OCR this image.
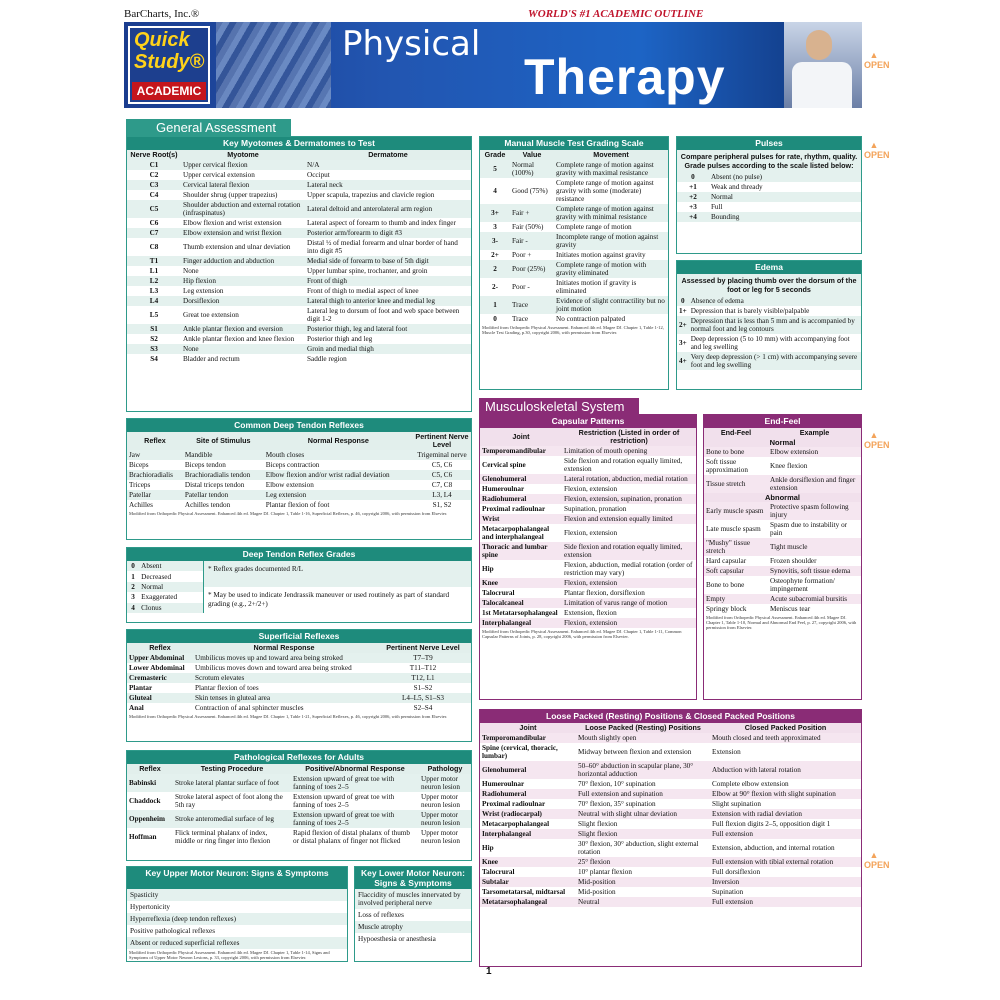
BarCharts, Inc.®	WORLD'S #1 ACADEMIC OUTLINE
Quick
Study®
ACADEMIC
Physical
Therapy	▲
OPEN
▲
OPEN
▲
OPEN
▲
OPEN
General Assessment
Key Myotomes & Dermatomes to Test
Nerve Root(s)	Myotome	Dermatome
C1	Upper cervical flexion	N/A
C2	Upper cervical extension	Occiput
C3	Cervical lateral flexion	Lateral neck
C4	Shoulder shrug (upper trapezius)	Upper scapula, trapezius and clavicle region
C5	Shoulder abduction and external rotation (infraspinatus)	Lateral deltoid and anterolateral arm region
C6	Elbow flexion and wrist extension	Lateral aspect of forearm to thumb and index finger
C7	Elbow extension and wrist flexion	Posterior arm/forearm to digit #3
C8	Thumb extension and ulnar deviation	Distal ½ of medial forearm and ulnar border of hand into digit #5
T1	Finger adduction and abduction	Medial side of forearm to base of 5th digit
L1	None	Upper lumbar spine, trochanter, and groin
L2	Hip flexion	Front of thigh
L3	Leg extension	Front of thigh to medial aspect of knee
L4	Dorsiflexion	Lateral thigh to anterior knee and medial leg
L5	Great toe extension	Lateral leg to dorsum of foot and web space between digit 1-2
S1	Ankle plantar flexion and eversion	Posterior thigh, leg and lateral foot
S2	Ankle plantar flexion and knee flexion	Posterior thigh and leg
S3	None	Groin and medial thigh
S4	Bladder and rectum	Saddle region
Common Deep Tendon Reflexes
Reflex	Site of Stimulus	Normal Response	Pertinent Nerve Level
Jaw	Mandible	Mouth closes	Trigeminal nerve
Biceps	Biceps tendon	Biceps contraction	C5, C6
Brachioradialis	Brachioradialis tendon	Elbow flexion and/or wrist radial deviation	C5, C6
Triceps	Distal triceps tendon	Elbow extension	C7, C8
Patellar	Patellar tendon	Leg extension	L3, L4
Achilles	Achilles tendon	Plantar flexion of foot	S1, S2
Modified from Orthopedic Physical Assessment. Enhanced 4th ed. Magee DJ. Chapter 1, Table 1-16, Superficial Reflexes, p. 46, copyright 2006, with permission from Elsevier.
Deep Tendon Reflex Grades
0	Absent
1	Decreased
2	Normal
3	Exaggerated
4	Clonus
* Reflex grades documented R/L
* May be used to indicate Jendrassik maneuver or used routinely as part of standard grading (e.g., 2+/2+)
Superficial Reflexes
Reflex	Normal Response	Pertinent Nerve Level
Upper Abdominal	Umbilicus moves up and toward area being stroked	T7–T9
Lower Abdominal	Umbilicus moves down and toward area being stroked	T11–T12
Cremasteric	Scrotum elevates	T12, L1
Plantar	Plantar flexion of toes	S1–S2
Gluteal	Skin tenses in gluteal area	L4–L5, S1–S3
Anal	Contraction of anal sphincter muscles	S2–S4
Modified from Orthopedic Physical Assessment. Enhanced 4th ed. Magee DJ. Chapter 1, Table 1-21, Superficial Reflexes, p. 46, copyright 2006, with permission from Elsevier.
Pathological Reflexes for Adults
Reflex	Testing Procedure	Positive/Abnormal Response	Pathology
Babinski	Stroke lateral plantar surface of foot	Extension upward of great toe with fanning of toes 2–5	Upper motor neuron lesion
Chaddock	Stroke lateral aspect of foot along the 5th ray	Extension upward of great toe with fanning of toes 2–5	Upper motor neuron lesion
Oppenheim	Stroke anteromedial surface of leg	Extension upward of great toe with fanning of toes 2–5	Upper motor neuron lesion
Hoffman	Flick terminal phalanx of index, middle or ring finger into flexion	Rapid flexion of distal phalanx of thumb or distal phalanx of finger not flicked	Upper motor neuron lesion
Key Upper Motor Neuron: Signs & Symptoms
Spasticity
Hypertonicity
Hyperreflexia (deep tendon reflexes)
Positive pathological reflexes
Absent or reduced superficial reflexes
Modified from Orthopedic Physical Assessment. Enhanced 4th ed. Magee DJ. Chapter 1, Table 1-14, Signs and Symptoms of Upper Motor Neuron Lesions, p. 33, copyright 2006, with permission from Elsevier.
Key Lower Motor Neuron: Signs & Symptoms
Flaccidity of muscles innervated by involved peripheral nerve
Loss of reflexes
Muscle atrophy
Hypoesthesia or anesthesia
Manual Muscle Test Grading Scale
Grade	Value	Movement
5	Normal (100%)	Complete range of motion against gravity with maximal resistance
4	Good (75%)	Complete range of motion against gravity with some (moderate) resistance
3+	Fair +	Complete range of motion against gravity with minimal resistance
3	Fair (50%)	Complete range of motion
3-	Fair -	Incomplete range of motion against gravity
2+	Poor +	Initiates motion against gravity
2	Poor (25%)	Complete range of motion with gravity eliminated
2-	Poor -	Initiates motion if gravity is eliminated
1	Trace	Evidence of slight contractility but no joint motion
0	Trace	No contraction palpated
Modified from Orthopedic Physical Assessment. Enhanced 4th ed. Magee DJ. Chapter 1, Table 1-12, Muscle Test Grading, p.30, copyright 2006, with permission from Elsevier.
Pulses
Compare peripheral pulses for rate, rhythm, quality. Grade pulses according to the scale listed below:
0	Absent (no pulse)
+1	Weak and thready
+2	Normal
+3	Full
+4	Bounding
Edema
Assessed by placing thumb over the dorsum of the foot or leg for 5 seconds
0	Absence of edema
1+	Depression that is barely visible/palpable
2+	Depression that is less than 5 mm and is accompanied by normal foot and leg contours
3+	Deep depression (5 to 10 mm) with accompanying foot and leg swelling
4+	Very deep depression (> 1 cm) with accompanying severe foot and leg swelling
Musculoskeletal System
Capsular Patterns
Joint	Restriction (Listed in order of restriction)
Temporomandibular	Limitation of mouth opening
Cervical spine	Side flexion and rotation equally limited, extension
Glenohumeral	Lateral rotation, abduction, medial rotation
Humeroulnar	Flexion, extension
Radiohumeral	Flexion, extension, supination, pronation
Proximal radioulnar	Supination, pronation
Wrist	Flexion and extension equally limited
Metacarpophalangeal and interphalangeal	Flexion, extension
Thoracic and lumbar spine	Side flexion and rotation equally limited, extension
Hip	Flexion, abduction, medial rotation (order of restriction may vary)
Knee	Flexion, extension
Talocrural	Plantar flexion, dorsiflexion
Talocalcaneal	Limitation of varus range of motion
1st Metatarsophalangeal	Extension, flexion
Interphalangeal	Flexion, extension
Modified from Orthopedic Physical Assessment. Enhanced 4th ed. Magee DJ. Chapter 1, Table 1-11, Common Capsular Patterns of Joints, p. 28, copyright 2006, with permission from Elsevier.
End-Feel
End-Feel	Example
Normal
Bone to bone	Elbow extension
Soft tissue approximation	Knee flexion
Tissue stretch	Ankle dorsiflexion and finger extension
Abnormal
Early muscle spasm	Protective spasm following injury
Late muscle spasm	Spasm due to instability or pain
"Mushy" tissue stretch	Tight muscle
Hard capsular	Frozen shoulder
Soft capsular	Synovitis, soft tissue edema
Bone to bone	Osteophyte formation/ impingement
Empty	Acute subacromial bursitis
Springy block	Meniscus tear
Modified from Orthopedic Physical Assessment. Enhanced 4th ed. Magee DJ. Chapter 1, Table 1-10, Normal and Abnormal End Feel, p. 27, copyright 2006, with permission from Elsevier.
Loose Packed (Resting) Positions & Closed Packed Positions
Joint	Loose Packed (Resting) Positions	Closed Packed Position
Temporomandibular	Mouth slightly open	Mouth closed and teeth approximated
Spine (cervical, thoracic, lumbar)	Midway between flexion and extension	Extension
Glenohumeral	50–60° abduction in scapular plane, 30° horizontal adduction	Abduction with lateral rotation
Humeroulnar	70° flexion, 10° supination	Complete elbow extension
Radiohumeral	Full extension and supination	Elbow at 90° flexion with slight supination
Proximal radioulnar	70° flexion, 35° supination	Slight supination
Wrist (radiocarpal)	Neutral with slight ulnar deviation	Extension with radial deviation
Metacarpophalangeal	Slight flexion	Full flexion digits 2–5, opposition digit 1
Interphalangeal	Slight flexion	Full extension
Hip	30° flexion, 30° abduction, slight external rotation	Extension, abduction, and internal rotation
Knee	25° flexion	Full extension with tibial external rotation
Talocrural	10° plantar flexion	Full dorsiflexion
Subtalar	Mid-position	Inversion
Tarsometatarsal, midtarsal	Mid-position	Supination
Metatarsophalangeal	Neutral	Full extension
1
